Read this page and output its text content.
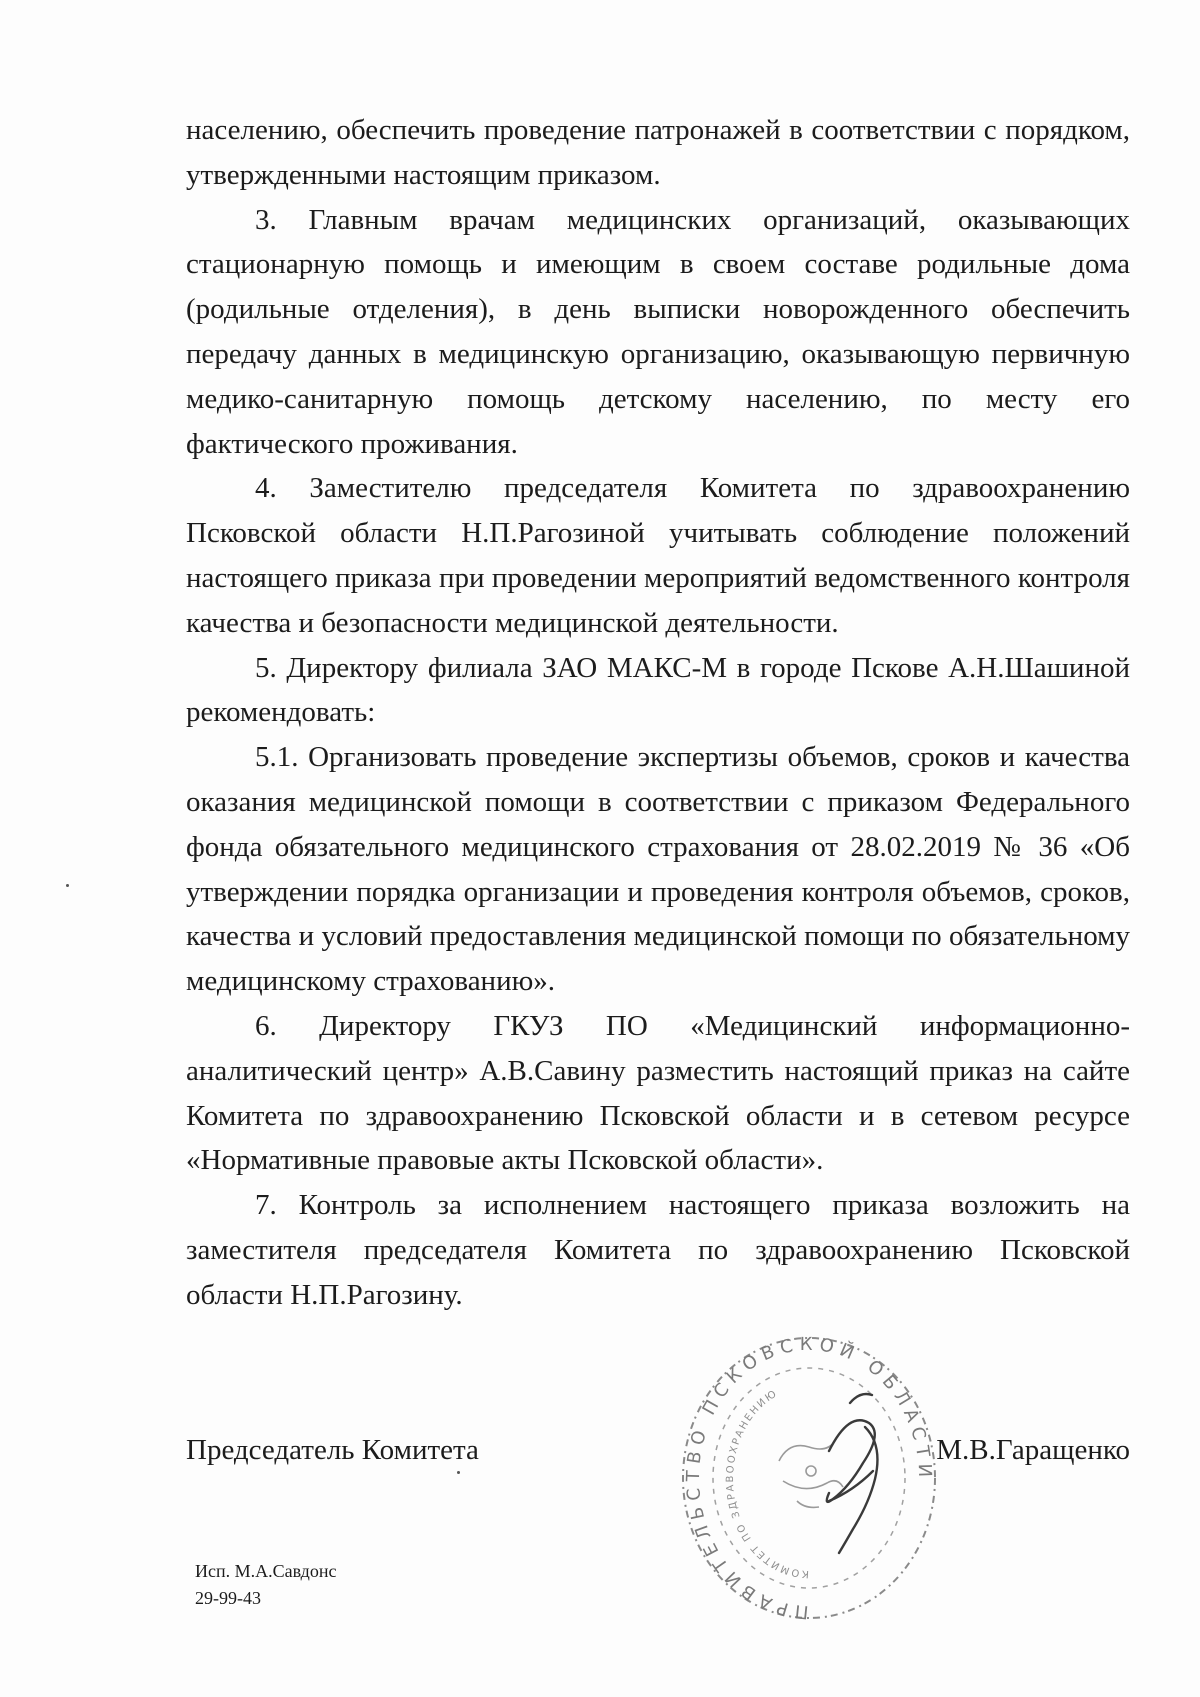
населению, обеспечить проведение патронажей в соответствии с порядком, утвержденными настоящим приказом.

3. Главным врачам медицинских организаций, оказывающих стационарную помощь и имеющим в своем составе родильные дома (родильные отделения), в день выписки новорожденного обеспечить передачу данных в медицинскую организацию, оказывающую первичную медико-санитарную помощь детскому населению, по месту его фактического проживания.

4. Заместителю председателя Комитета по здравоохранению Псковской области Н.П.Рагозиной учитывать соблюдение положений настоящего приказа при проведении мероприятий ведомственного контроля качества и безопасности медицинской деятельности.

5. Директору филиала ЗАО МАКС-М в городе Пскове А.Н.Шашиной рекомендовать:

5.1. Организовать проведение экспертизы объемов, сроков и качества оказания медицинской помощи в соответствии с приказом Федерального фонда обязательного медицинского страхования от 28.02.2019 № 36 «Об утверждении порядка организации и проведения контроля объемов, сроков, качества и условий предоставления медицинской помощи по обязательному медицинскому страхованию».

6. Директору ГКУЗ ПО «Медицинский информационно-аналитический центр» А.В.Савину разместить настоящий приказ на сайте Комитета по здравоохранению Псковской области и в сетевом ресурсе «Нормативные правовые акты Псковской области».

7. Контроль за исполнением настоящего приказа возложить на заместителя председателя Комитета по здравоохранению Псковской области Н.П.Рагозину.

ПРАВИТЕЛЬСТВО ПСКОВСКОЙ ОБЛАСТИ
КОМИТЕТ ПО ЗДРАВООХРАНЕНИЮ
Председатель Комитета	М.В.Гаращенко
Исп. М.А.Савдонс
29-99-43
